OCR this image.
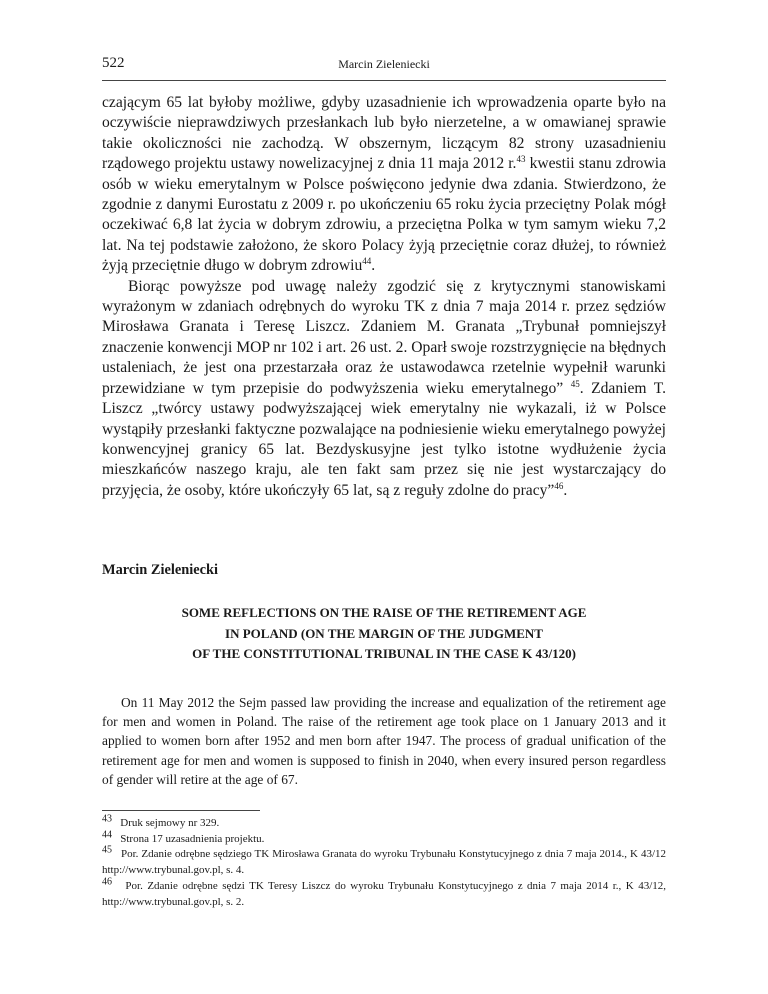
522	Marcin Zieleniecki

czającym 65 lat byłoby możliwe, gdyby uzasadnienie ich wprowadzenia oparte było na oczywiście nieprawdziwych przesłankach lub było nierzetelne, a w omawianej sprawie takie okoliczności nie zachodzą. W obszernym, liczącym 82 strony uzasadnieniu rządowego projektu ustawy nowelizacyjnej z dnia 11 maja 2012 r.$^{43}$ kwestii stanu zdrowia osób w wieku emerytalnym w Polsce poświęcono jedynie dwa zdania. Stwierdzono, że zgodnie z danymi Eurostatu z 2009 r. po ukończeniu 65 roku życia przeciętny Polak mógł oczekiwać 6,8 lat życia w dobrym zdrowiu, a przeciętna Polka w tym samym wieku 7,2 lat. Na tej podstawie założono, że skoro Polacy żyją przeciętnie coraz dłużej, to również żyją przeciętnie długo w dobrym zdrowiu$^{44}$.

Biorąc powyższe pod uwagę należy zgodzić się z krytycznymi stanowiskami wyrażonym w zdaniach odrębnych do wyroku TK z dnia 7 maja 2014 r. przez sędziów Mirosława Granata i Teresę Liszcz. Zdaniem M. Granata „Trybunał pomniejszył znaczenie konwencji MOP nr 102 i art. 26 ust. 2. Oparł swoje rozstrzygnięcie na błędnych ustaleniach, że jest ona przestarzała oraz że ustawodawca rzetelnie wypełnił warunki przewidziane w tym przepisie do podwyższenia wieku emerytalnego” $^{45}$. Zdaniem T. Liszcz „twórcy ustawy podwyższającej wiek emerytalny nie wykazali, iż w Polsce wystąpiły przesłanki faktyczne pozwalające na podniesienie wieku emerytalnego powyżej konwencyjnej granicy 65 lat. Bezdyskusyjne jest tylko istotne wydłużenie życia mieszkańców naszego kraju, ale ten fakt sam przez się nie jest wystarczający do przyjęcia, że osoby, które ukończyły 65 lat, są z reguły zdolne do pracy”$^{46}$.

Marcin Zieleniecki
SOME REFLECTIONS ON THE RAISE OF THE RETIREMENT AGE
IN POLAND (ON THE MARGIN OF THE JUDGMENT
OF THE CONSTITUTIONAL TRIBUNAL IN THE CASE K 43/120)

On 11 May 2012 the Sejm passed law providing the increase and equalization of the retirement age for men and women in Poland. The raise of the retirement age took place on 1 January 2013 and it applied to women born after 1952 and men born after 1947. The process of gradual unification of the retirement age for men and women is supposed to finish in 2040, when every insured person regardless of gender will retire at the age of 67.

$^{43}$ Druk sejmowy nr 329.
$^{44}$ Strona 17 uzasadnienia projektu.
$^{45}$ Por. Zdanie odrębne sędziego TK Mirosława Granata do wyroku Trybunału Konstytucyjnego z dnia 7 maja 2014., K 43/12 http://www.trybunal.gov.pl, s. 4.
$^{46}$ Por. Zdanie odrębne sędzi TK Teresy Liszcz do wyroku Trybunału Konstytucyjnego z dnia 7 maja 2014 r., K 43/12, http://www.trybunal.gov.pl, s. 2.
